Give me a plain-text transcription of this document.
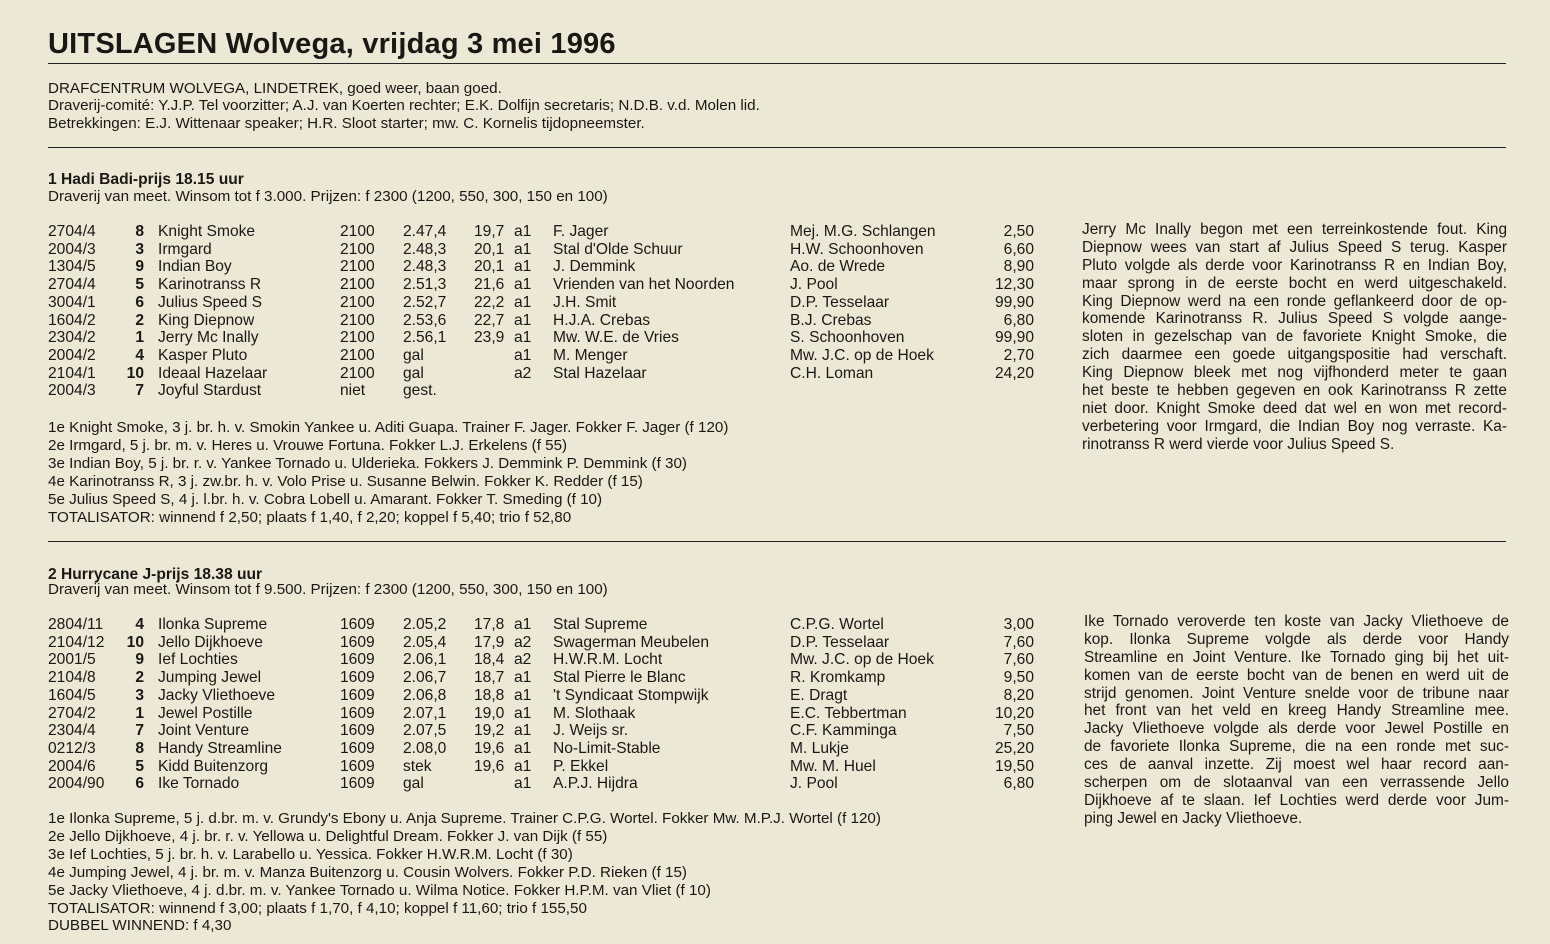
UITSLAGEN Wolvega, vrijdag 3 mei 1996
DRAFCENTRUM WOLVEGA, LINDETREK, goed weer, baan goed.
Draverij-comité: Y.J.P. Tel voorzitter; A.J. van Koerten rechter; E.K. Dolfijn secretaris; N.D.B. v.d. Molen lid.
Betrekkingen: E.J. Wittenaar speaker; H.R. Sloot starter; mw. C. Kornelis tijdopneemster.
1 Hadi Badi-prijs 18.15 uur
Draverij van meet. Winsom tot f 3.000. Prijzen: f 2300 (1200, 550, 300, 150 en 100)
2704/4	8 Knight Smoke	2100 2.47,4 19,7 a1 F. Jager	Mej. M.G. Schlangen	2,50
2004/3	3 Irmgard	2100 2.48,3 20,1 a1 Stal d'Olde Schuur	H.W. Schoonhoven	6,60
1304/5	9 Indian Boy	2100 2.48,3 20,1 a1 J. Demmink	Ao. de Wrede	8,90
2704/4	5 Karinotranss R	2100 2.51,3 21,6 a1 Vrienden van het Noorden	J. Pool	12,30
3004/1	6 Julius Speed S	2100 2.52,7 22,2 a1 J.H. Smit	D.P. Tesselaar	99,90
1604/2	2 King Diepnow	2100 2.53,6 22,7 a1 H.J.A. Crebas	B.J. Crebas	6,80
2304/2	1 Jerry Mc Inally	2100 2.56,1 23,9 a1 Mw. W.E. de Vries	S. Schoonhoven	99,90
2004/2	4 Kasper Pluto	2100 gal	a1 M. Menger	Mw. J.C. op de Hoek	2,70
2104/1 10 Ideaal Hazelaar	2100 gal	a2 Stal Hazelaar	C.H. Loman	24,20
2004/3	7 Joyful Stardust	niet gest.
1e Knight Smoke, 3 j. br. h. v. Smokin Yankee u. Aditi Guapa. Trainer F. Jager. Fokker F. Jager (f 120)
2e Irmgard, 5 j. br. m. v. Heres u. Vrouwe Fortuna. Fokker L.J. Erkelens (f 55)
3e Indian Boy, 5 j. br. r. v. Yankee Tornado u. Ulderieka. Fokkers J. Demmink P. Demmink (f 30)
4e Karinotranss R, 3 j. zw.br. h. v. Volo Prise u. Susanne Belwin. Fokker K. Redder (f 15)
5e Julius Speed S, 4 j. l.br. h. v. Cobra Lobell u. Amarant. Fokker T. Smeding (f 10)
TOTALISATOR: winnend f 2,50; plaats f 1,40, f 2,20; koppel f 5,40; trio f 52,80
Jerry Mc Inally begon met een terreinkostende fout. King
Diepnow wees van start af Julius Speed S terug. Kasper
Pluto volgde als derde voor Karinotranss R en Indian Boy,
maar sprong in de eerste bocht en werd uitgeschakeld.
King Diepnow werd na een ronde geflankeerd door de op-
komende Karinotranss R. Julius Speed S volgde aange-
sloten in gezelschap van de favoriete Knight Smoke, die
zich daarmee een goede uitgangspositie had verschaft.
King Diepnow bleek met nog vijfhonderd meter te gaan
het beste te hebben gegeven en ook Karinotranss R zette
niet door. Knight Smoke deed dat wel en won met record-
verbetering voor Irmgard, die Indian Boy nog verraste. Ka-
rinotranss R werd vierde voor Julius Speed S.
2 Hurrycane J-prijs 18.38 uur
Draverij van meet. Winsom tot f 9.500. Prijzen: f 2300 (1200, 550, 300, 150 en 100)
2804/11	4 Ilonka Supreme	1609 2.05,2 17,8 a1 Stal Supreme	C.P.G. Wortel	3,00
2104/12 10 Jello Dijkhoeve	1609 2.05,4 17,9 a2 Swagerman Meubelen	D.P. Tesselaar	7,60
2001/5	9 Ief Lochties	1609 2.06,1 18,4 a2 H.W.R.M. Locht	Mw. J.C. op de Hoek	7,60
2104/8	2 Jumping Jewel	1609 2.06,7 18,7 a1 Stal Pierre le Blanc	R. Kromkamp	9,50
1604/5	3 Jacky Vliethoeve	1609 2.06,8 18,8 a1 't Syndicaat Stompwijk	E. Dragt	8,20
2704/2	1 Jewel Postille	1609 2.07,1 19,0 a1 M. Slothaak	E.C. Tebbertman	10,20
2304/4	7 Joint Venture	1609 2.07,5 19,2 a1 J. Weijs sr.	C.F. Kamminga	7,50
0212/3	8 Handy Streamline	1609 2.08,0 19,6 a1 No-Limit-Stable	M. Lukje	25,20
2004/6	5 Kidd Buitenzorg	1609 stek	19,6 a1 P. Ekkel	Mw. M. Huel	19,50
2004/90	6 Ike Tornado	1609 gal	a1 A.P.J. Hijdra	J. Pool	6,80
1e Ilonka Supreme, 5 j. d.br. m. v. Grundy's Ebony u. Anja Supreme. Trainer C.P.G. Wortel. Fokker Mw. M.P.J. Wortel (f 120)
2e Jello Dijkhoeve, 4 j. br. r. v. Yellowa u. Delightful Dream. Fokker J. van Dijk (f 55)
3e Ief Lochties, 5 j. br. h. v. Larabello u. Yessica. Fokker H.W.R.M. Locht (f 30)
4e Jumping Jewel, 4 j. br. m. v. Manza Buitenzorg u. Cousin Wolvers. Fokker P.D. Rieken (f 15)
5e Jacky Vliethoeve, 4 j. d.br. m. v. Yankee Tornado u. Wilma Notice. Fokker H.P.M. van Vliet (f 10)
TOTALISATOR: winnend f 3,00; plaats f 1,70, f 4,10; koppel f 11,60; trio f 155,50
DUBBEL WINNEND: f 4,30
Ike Tornado veroverde ten koste van Jacky Vliethoeve de
kop. Ilonka Supreme volgde als derde voor Handy
Streamline en Joint Venture. Ike Tornado ging bij het uit-
komen van de eerste bocht van de benen en werd uit de
strijd genomen. Joint Venture snelde voor de tribune naar
het front van het veld en kreeg Handy Streamline mee.
Jacky Vliethoeve volgde als derde voor Jewel Postille en
de favoriete Ilonka Supreme, die na een ronde met suc-
ces de aanval inzette. Zij moest wel haar record aan-
scherpen om de slotaanval van een verrassende Jello
Dijkhoeve af te slaan. Ief Lochties werd derde voor Jum-
ping Jewel en Jacky Vliethoeve.
